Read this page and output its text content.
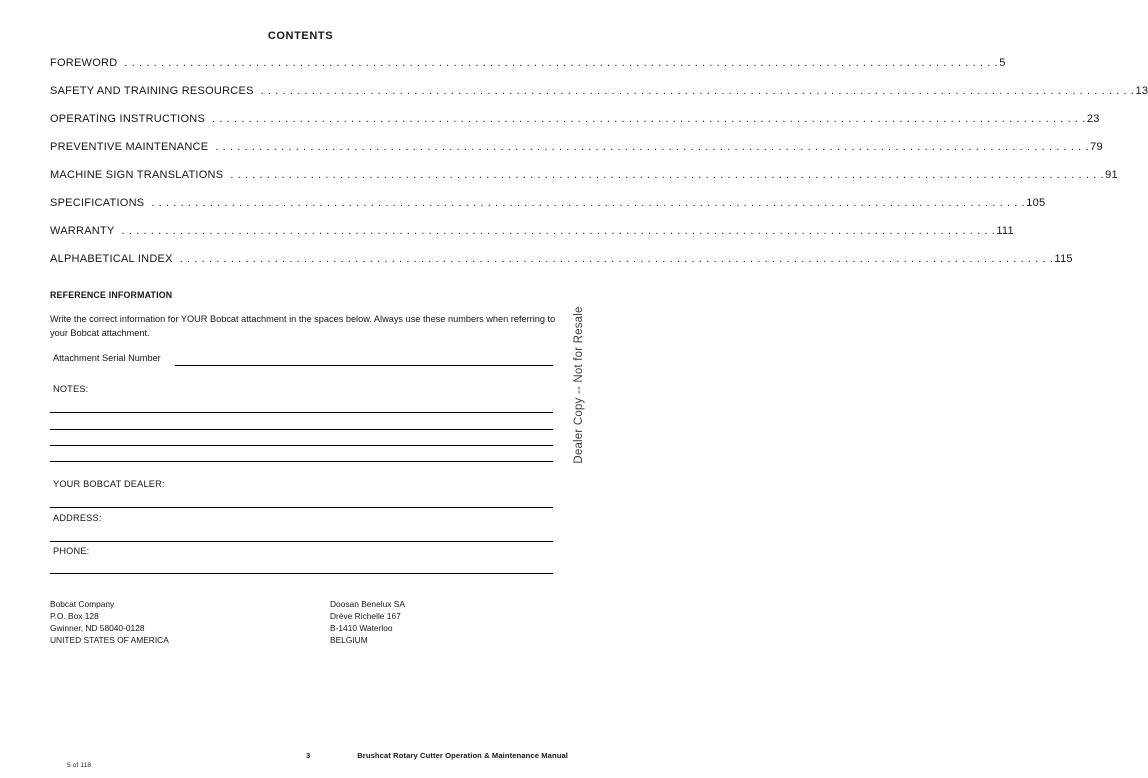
CONTENTS
FOREWORD . . . . . . . . . . . . . . . . . . . . . . . . . . . . . . . . . . . . . . . . . . . . . . . . . . . . . . . . . . . . . . . . . . . . . . . . . . . . . . . . . . . . . . . . . . . . . . . . . . . . . . . . . . . . . . . . . . . . . . . . 5
SAFETY AND TRAINING RESOURCES . . . . . . . . . . . . . . . . . . . . . . . . . . . . . . . . . . . . . . . . . . . . . . . . . . . . . . . . . . . . . . . . . . . . . . . . . . . . . . . . . . . . . . . . . . . . . . . . . . . . . . . . . . . . . . . . . . . . . . . . 13
OPERATING INSTRUCTIONS . . . . . . . . . . . . . . . . . . . . . . . . . . . . . . . . . . . . . . . . . . . . . . . . . . . . . . . . . . . . . . . . . . . . . . . . . . . . . . . . . . . . . . . . . . . . . . . . . . . . . . . . . . . . . . . . . . . . . . . . 23
PREVENTIVE MAINTENANCE . . . . . . . . . . . . . . . . . . . . . . . . . . . . . . . . . . . . . . . . . . . . . . . . . . . . . . . . . . . . . . . . . . . . . . . . . . . . . . . . . . . . . . . . . . . . . . . . . . . . . . . . . . . . . . . . . . . . . . . . 79
MACHINE SIGN TRANSLATIONS . . . . . . . . . . . . . . . . . . . . . . . . . . . . . . . . . . . . . . . . . . . . . . . . . . . . . . . . . . . . . . . . . . . . . . . . . . . . . . . . . . . . . . . . . . . . . . . . . . . . . . . . . . . . . . . . . . . . . . . . 91
SPECIFICATIONS . . . . . . . . . . . . . . . . . . . . . . . . . . . . . . . . . . . . . . . . . . . . . . . . . . . . . . . . . . . . . . . . . . . . . . . . . . . . . . . . . . . . . . . . . . . . . . . . . . . . . . . . . . . . . . . . . . . . . . . . 105
WARRANTY . . . . . . . . . . . . . . . . . . . . . . . . . . . . . . . . . . . . . . . . . . . . . . . . . . . . . . . . . . . . . . . . . . . . . . . . . . . . . . . . . . . . . . . . . . . . . . . . . . . . . . . . . . . . . . . . . . . . . . . . 111
ALPHABETICAL INDEX . . . . . . . . . . . . . . . . . . . . . . . . . . . . . . . . . . . . . . . . . . . . . . . . . . . . . . . . . . . . . . . . . . . . . . . . . . . . . . . . . . . . . . . . . . . . . . . . . . . . . . . . . . . . . . . . . . . . . . . . 115
REFERENCE INFORMATION
Write the correct information for YOUR Bobcat attachment in the spaces below. Always use these numbers when referring to your Bobcat attachment.
Attachment Serial Number
NOTES:
YOUR BOBCAT DEALER:
ADDRESS:
PHONE:
Bobcat Company
P.O. Box 128
Gwinner, ND 58040-0128
UNITED STATES OF AMERICA
Doosan Benelux SA
Drève Richelle 167
B-1410 Waterloo
BELGIUM
Dealer Copy -- Not for Resale
3	Brushcat Rotary Cutter Operation & Maintenance Manual
5 of 118
